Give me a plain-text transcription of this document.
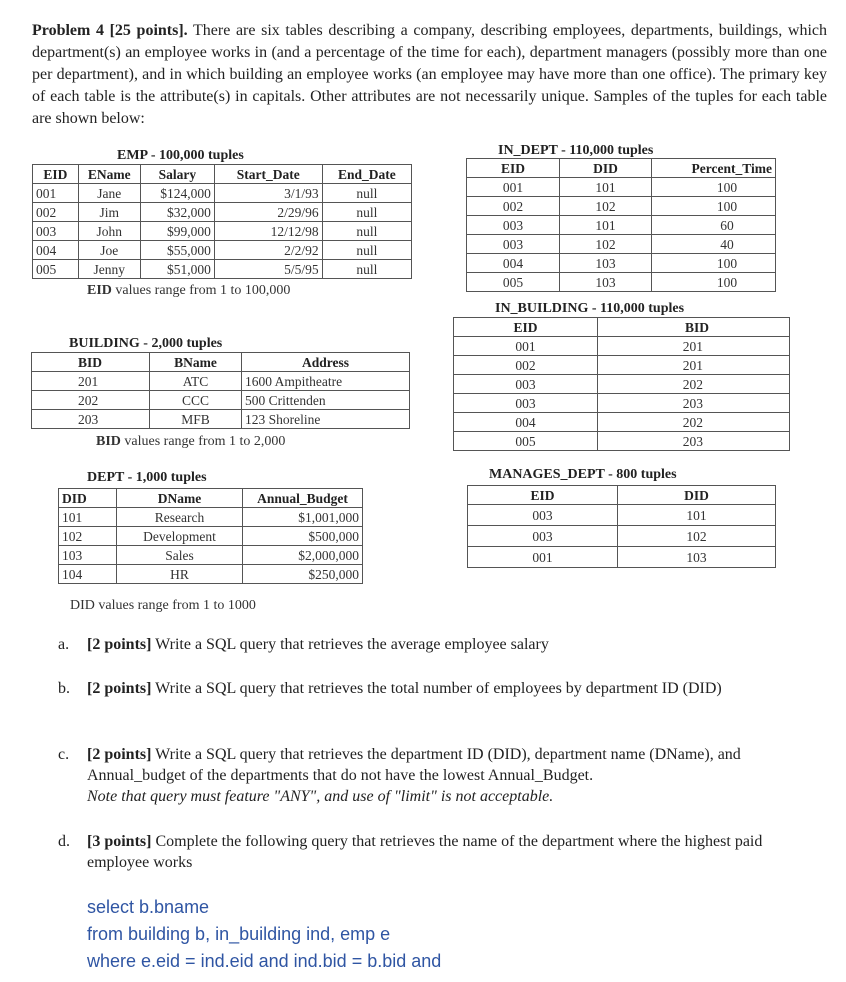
Problem 4 [25 points]. There are six tables describing a company, describing employees, departments, buildings, which department(s) an employee works in (and a percentage of the time for each), department managers (possibly more than one per department), and in which building an employee works (an employee may have more than one office). The primary key of each table is the attribute(s) in capitals. Other attributes are not necessarily unique. Samples of the tuples for each table are shown below:

EMP - 100,000 tuples
EID	EName	Salary	Start_Date	End_Date
001	Jane	$124,000	3/1/93	null
002	Jim	$32,000	2/29/96	null
003	John	$99,000	12/12/98	null
004	Joe	$55,000	2/2/92	null
005	Jenny	$51,000	5/5/95	null
EID values range from 1 to 100,000
IN_DEPT - 110,000 tuples
EID	DID	Percent_Time
001	101	100
002	102	100
003	101	60
003	102	40
004	103	100
005	103	100
IN_BUILDING - 110,000 tuples
EID	BID
001	201
002	201
003	202
003	203
004	202
005	203
BUILDING - 2,000 tuples
BID	BName	Address
201	ATC	1600 Ampitheatre
202	CCC	500 Crittenden
203	MFB	123 Shoreline
BID values range from 1 to 2,000
DEPT - 1,000 tuples
DID	DName	Annual_Budget
101	Research	$1,001,000
102	Development	$500,000
103	Sales	$2,000,000
104	HR	$250,000
DID values range from 1 to 1000
MANAGES_DEPT - 800 tuples
EID	DID
003	101
003	102
001	103
a. [2 points] Write a SQL query that retrieves the average employee salary
b. [2 points] Write a SQL query that retrieves the total number of employees by department ID (DID)
c. [2 points] Write a SQL query that retrieves the department ID (DID), department name (DName), and Annual_budget of the departments that do not have the lowest Annual_Budget.
Note that query must feature "ANY", and use of "limit" is not acceptable.
d. [3 points] Complete the following query that retrieves the name of the department where the highest paid employee works
select b.bname
from building b, in_building ind, emp e
where e.eid = ind.eid and ind.bid = b.bid and
